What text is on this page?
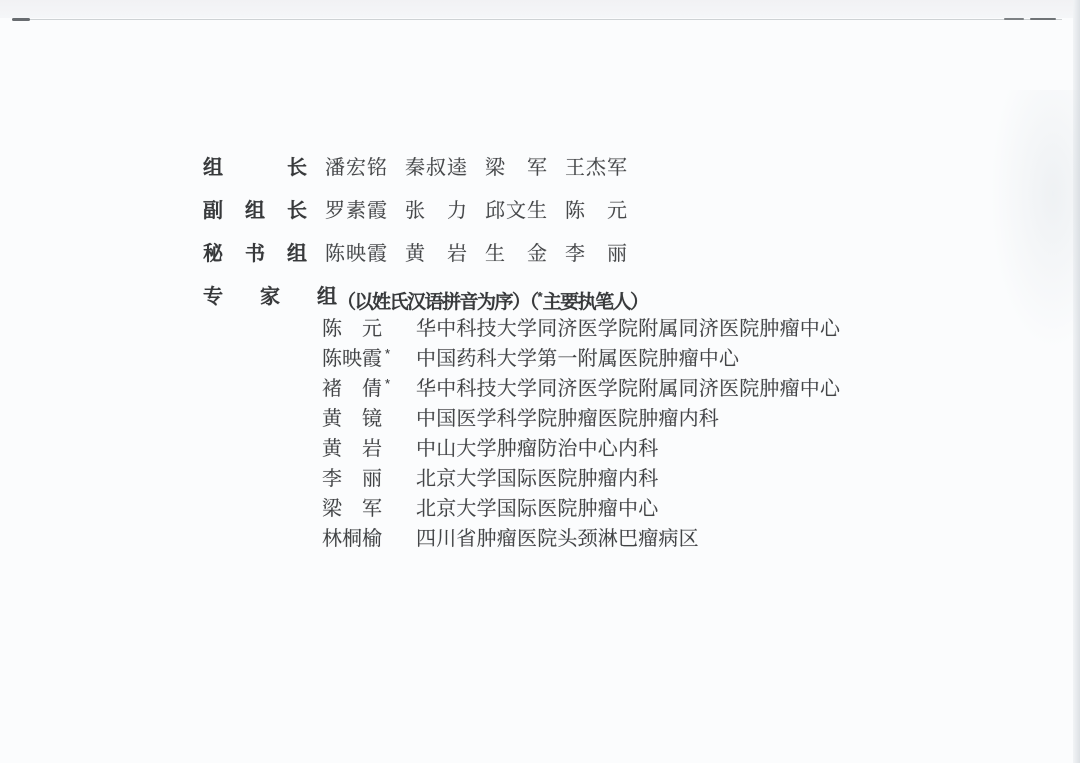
组长 潘宏铭 秦叔逵 梁军 王杰军
副组长 罗素霞 张力 邱文生 陈元
秘书组 陈映霞 黄岩 生金 李丽
专家组 （以姓氏汉语拼音为序）（*主要执笔人）
陈元 华中科技大学同济医学院附属同济医院肿瘤中心
陈映霞 * 中国药科大学第一附属医院肿瘤中心
褚倩 * 华中科技大学同济医学院附属同济医院肿瘤中心
黄镜 中国医学科学院肿瘤医院肿瘤内科
黄岩 中山大学肿瘤防治中心内科
李丽 北京大学国际医院肿瘤内科
梁军 北京大学国际医院肿瘤中心
林桐榆 四川省肿瘤医院头颈淋巴瘤病区
